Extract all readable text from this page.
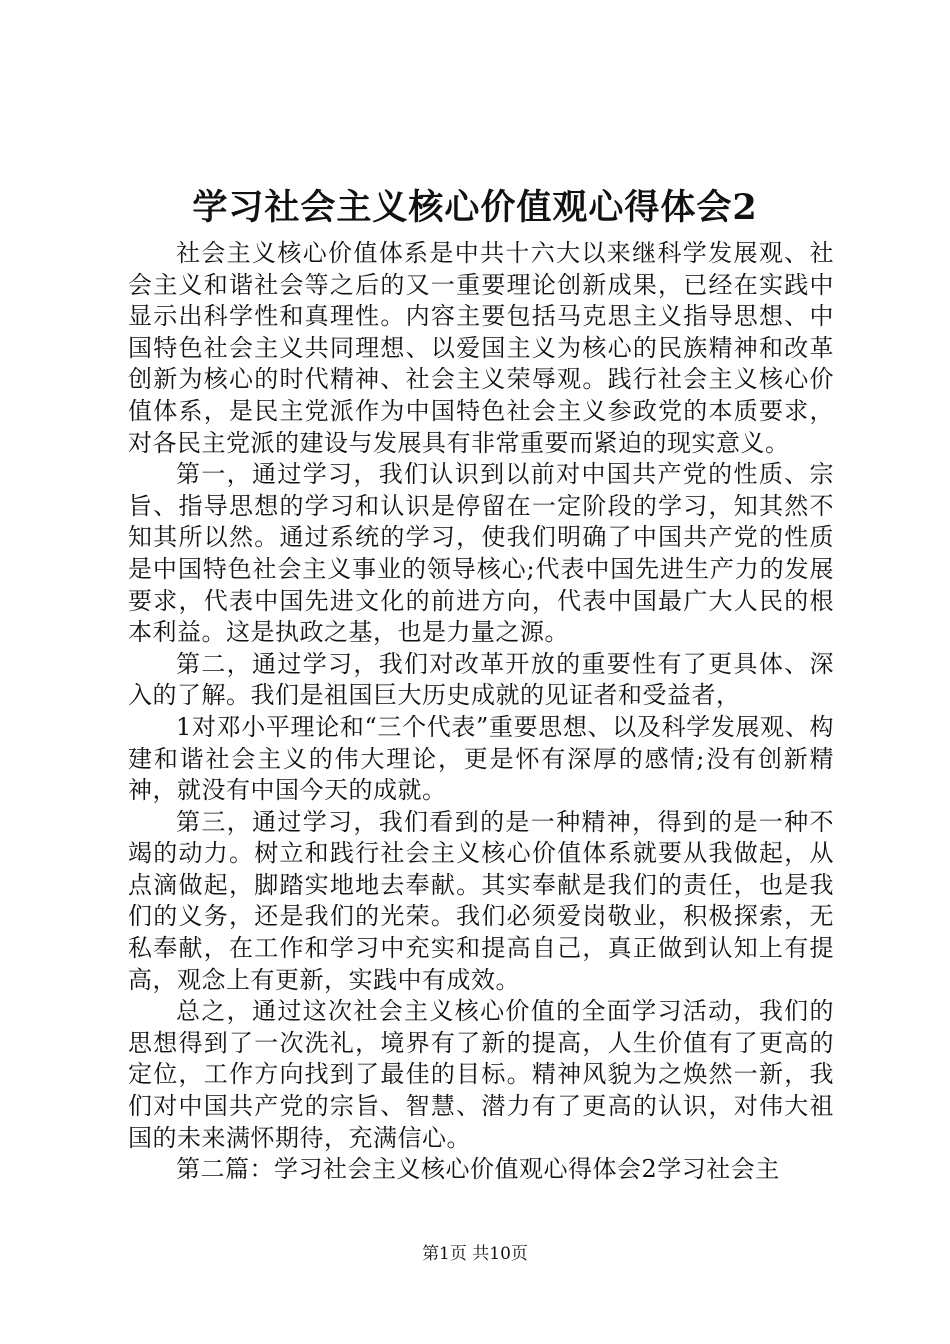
学习社会主义核心价值观心得体会2

社会主义核心价值体系是中共十六大以来继科学发展观、社会主义和谐社会等之后的又一重要理论创新成果，已经在实践中显示出科学性和真理性。内容主要包括马克思主义指导思想、中国特色社会主义共同理想、以爱国主义为核心的民族精神和改革创新为核心的时代精神、社会主义荣辱观。践行社会主义核心价值体系，是民主党派作为中国特色社会主义参政党的本质要求，对各民主党派的建设与发展具有非常重要而紧迫的现实意义。

第一，通过学习，我们认识到以前对中国共产党的性质、宗旨、指导思想的学习和认识是停留在一定阶段的学习，知其然不知其所以然。通过系统的学习，使我们明确了中国共产党的性质是中国特色社会主义事业的领导核心;代表中国先进生产力的发展要求，代表中国先进文化的前进方向，代表中国最广大人民的根本利益。这是执政之基，也是力量之源。

第二，通过学习，我们对改革开放的重要性有了更具体、深入的了解。我们是祖国巨大历史成就的见证者和受益者，

1对邓小平理论和“三个代表”重要思想、以及科学发展观、构建和谐社会主义的伟大理论，更是怀有深厚的感情;没有创新精神，就没有中国今天的成就。

第三，通过学习，我们看到的是一种精神，得到的是一种不竭的动力。树立和践行社会主义核心价值体系就要从我做起，从点滴做起，脚踏实地地去奉献。其实奉献是我们的责任，也是我们的义务，还是我们的光荣。我们必须爱岗敬业，积极探索，无私奉献，在工作和学习中充实和提高自己，真正做到认知上有提高，观念上有更新，实践中有成效。

总之，通过这次社会主义核心价值的全面学习活动，我们的思想得到了一次洗礼，境界有了新的提高，人生价值有了更高的定位，工作方向找到了最佳的目标。精神风貌为之焕然一新，我们对中国共产党的宗旨、智慧、潜力有了更高的认识，对伟大祖国的未来满怀期待，充满信心。

第二篇：学习社会主义核心价值观心得体会2学习社会主

第1页 共10页
